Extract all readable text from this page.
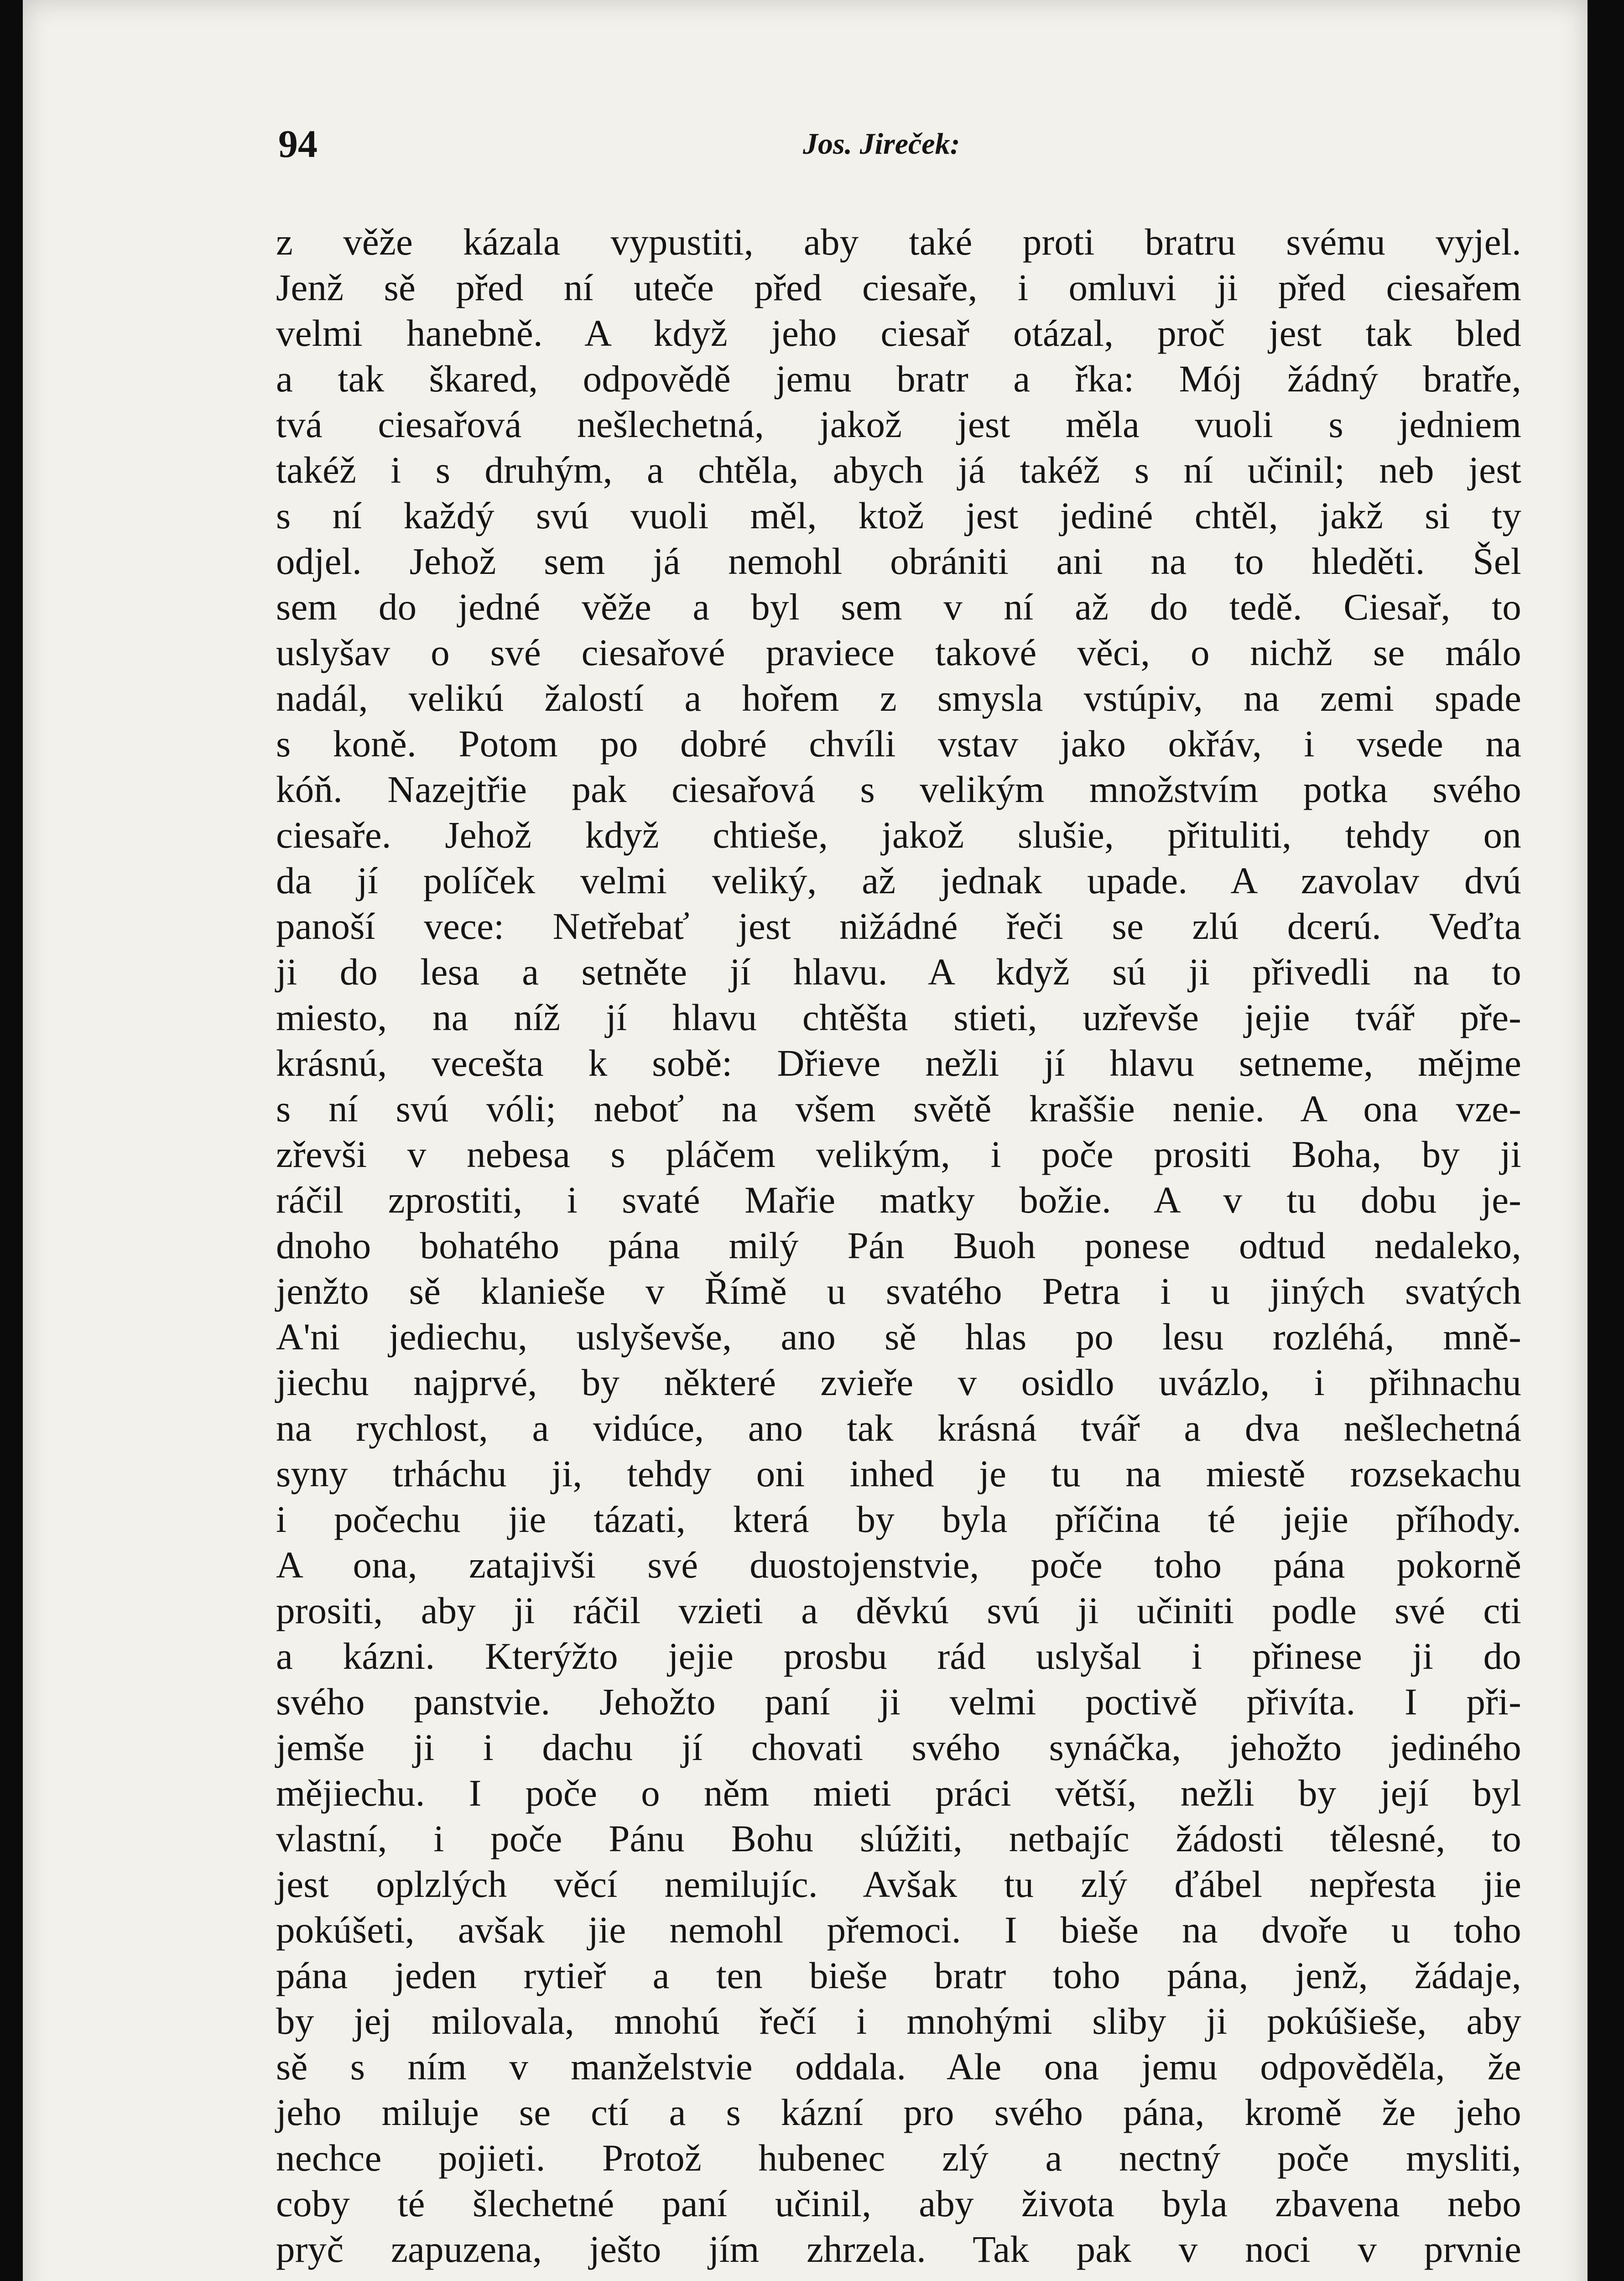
94	Jos. Jireček:
z věže kázala vypustiti, aby také proti bratru svému vyjel.
Jenž sě před ní uteče před ciesaře, i omluvi ji před ciesařem
velmi hanebně. A když jeho ciesař otázal, proč jest tak bled
a tak škared, odpovědě jemu bratr a řka: Mój žádný bratře,
tvá ciesařová nešlechetná, jakož jest měla vuoli s jedniem
takéž i s druhým, a chtěla, abych já takéž s ní učinil; neb jest
s ní každý svú vuoli měl, ktož jest jediné chtěl, jakž si ty
odjel. Jehož sem já nemohl obrániti ani na to hleděti. Šel
sem do jedné věže a byl sem v ní až do tedě. Ciesař, to
uslyšav o své ciesařové praviece takové věci, o nichž se málo
nadál, velikú žalostí a hořem z smysla vstúpiv, na zemi spade
s koně. Potom po dobré chvíli vstav jako okřáv, i vsede na
kóň. Nazejtřie pak ciesařová s velikým množstvím potka svého
ciesaře. Jehož když chtieše, jakož slušie, přituliti, tehdy on
da jí políček velmi veliký, až jednak upade. A zavolav dvú
panoší vece: Netřebať jest nižádné řeči se zlú dcerú. Veďta
ji do lesa a setněte jí hlavu. A když sú ji přivedli na to
miesto, na níž jí hlavu chtěšta stieti, uzřevše jejie tvář pře-
krásnú, vecešta k sobě: Dřieve nežli jí hlavu setneme, mějme
s ní svú vóli; neboť na všem světě kraššie nenie. A ona vze-
zřevši v nebesa s pláčem velikým, i poče prositi Boha, by ji
ráčil zprostiti, i svaté Mařie matky božie. A v tu dobu je-
dnoho bohatého pána milý Pán Buoh ponese odtud nedaleko,
jenžto sě klanieše v Římě u svatého Petra i u jiných svatých
A'ni jediechu, uslyševše, ano sě hlas po lesu rozléhá, mně-
jiechu najprvé, by některé zvieře v osidlo uvázlo, i přihnachu
na rychlost, a vidúce, ano tak krásná tvář a dva nešlechetná
syny trháchu ji, tehdy oni inhed je tu na miestě rozsekachu
i počechu jie tázati, která by byla příčina té jejie příhody.
A ona, zatajivši své duostojenstvie, poče toho pána pokorně
prositi, aby ji ráčil vzieti a děvkú svú ji učiniti podle své cti
a kázni. Kterýžto jejie prosbu rád uslyšal i přinese ji do
svého panstvie. Jehožto paní ji velmi poctivě přivíta. I při-
jemše ji i dachu jí chovati svého synáčka, jehožto jediného
mějiechu. I poče o něm mieti práci větší, nežli by její byl
vlastní, i poče Pánu Bohu slúžiti, netbajíc žádosti tělesné, to
jest oplzlých věcí nemilujíc. Avšak tu zlý ďábel nepřesta jie
pokúšeti, avšak jie nemohl přemoci. I bieše na dvoře u toho
pána jeden rytieř a ten bieše bratr toho pána, jenž, žádaje,
by jej milovala, mnohú řečí i mnohými sliby ji pokúšieše, aby
sě s ním v manželstvie oddala. Ale ona jemu odpověděla, že
jeho miluje se ctí a s kázní pro svého pána, kromě že jeho
nechce pojieti. Protož hubenec zlý a nectný poče mysliti,
coby té šlechetné paní učinil, aby života byla zbavena nebo
pryč zapuzena, ješto jím zhrzela. Tak pak v noci v prvnie
